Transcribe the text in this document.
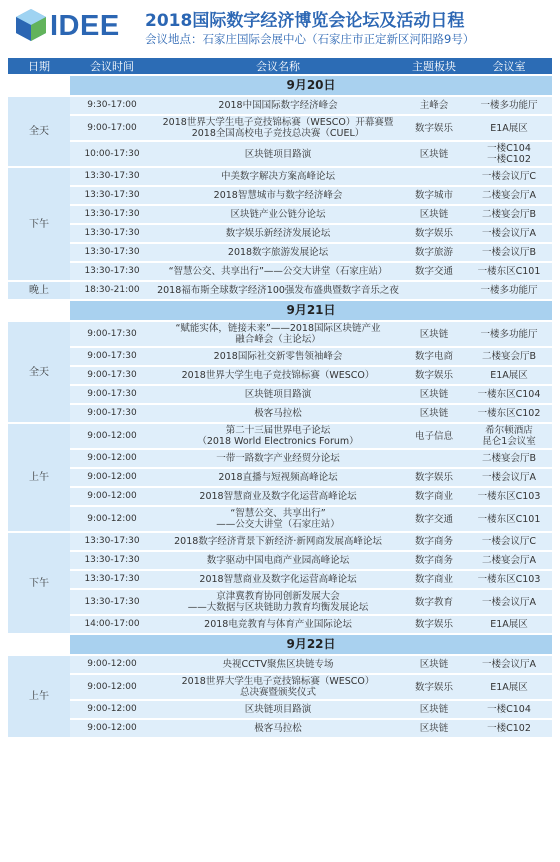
IDEE 2018国际数字经济博览会论坛及活动日程
会议地点：石家庄国际会展中心（石家庄市正定新区河阳路9号）
日期	会议时间	会议名称	主题板块	会议室
	9月20日			
全天	9:30-17:00	2018中国国际数字经济峰会	主峰会	一楼多功能厅
	9:00-17:00	2018世界大学生电子竞技锦标赛（WESCO）开幕赛暨
2018全国高校电子竞技总决赛（CUEL）	数字娱乐	E1A展区
	10:00-17:30	区块链项目路演	区块链	一楼C104
一楼C102
下午	13:30-17:30	中美数字解决方案高峰论坛		一楼会议厅C
	13:30-17:30	2018智慧城市与数字经济峰会	数字城市	二楼宴会厅A
	13:30-17:30	区块链产业公链分论坛	区块链	二楼宴会厅B
	13:30-17:30	数字娱乐新经济发展论坛	数字娱乐	一楼会议厅A
	13:30-17:30	2018数字旅游发展论坛	数字旅游	一楼会议厅B
	13:30-17:30	“智慧公交、共享出行”——公交大讲堂（石家庄站）	数字交通	一楼东区C101
晚上	18:30-21:00	2018福布斯全球数字经济100强发布盛典暨数字音乐之夜		一楼多功能厅
	9月21日			
全天	9:00-17:30	“赋能实体，链接未来”——2018国际区块链产业
融合峰会（主论坛）	区块链	一楼多功能厅
	9:00-17:30	2018国际社交新零售领袖峰会	数字电商	二楼宴会厅B
	9:00-17:30	2018世界大学生电子竞技锦标赛（WESCO）	数字娱乐	E1A展区
	9:00-17:30	区块链项目路演	区块链	一楼东区C104
	9:00-17:30	极客马拉松	区块链	一楼东区C102
上午	9:00-12:00	第二十三届世界电子论坛
（2018 World Electronics Forum）	电子信息	希尔顿酒店
昆仑1会议室
	9:00-12:00	一带一路数字产业经贸分论坛		二楼宴会厅B
	9:00-12:00	2018直播与短视频高峰论坛	数字娱乐	一楼会议厅A
	9:00-12:00	2018智慧商业及数字化运营高峰论坛	数字商业	一楼东区C103
	9:00-12:00	“智慧公交、共享出行”
——公交大讲堂（石家庄站）	数字交通	一楼东区C101
下午	13:30-17:30	2018数字经济背景下新经济·新网商发展高峰论坛	数字商务	一楼会议厅C
	13:30-17:30	数字驱动中国电商产业园高峰论坛	数字商务	二楼宴会厅A
	13:30-17:30	2018智慧商业及数字化运营高峰论坛	数字商业	一楼东区C103
	13:30-17:30	京津冀教育协同创新发展大会
——大数据与区块链助力教育均衡发展论坛	数字教育	一楼会议厅A
	14:00-17:00	2018电竞教育与体育产业国际论坛	数字娱乐	E1A展区
	9月22日			
上午	9:00-12:00	央视CCTV聚焦区块链专场	区块链	一楼会议厅A
	9:00-12:00	2018世界大学生电子竞技锦标赛（WESCO）
总决赛暨颁奖仪式	数字娱乐	E1A展区
	9:00-12:00	区块链项目路演	区块链	一楼C104
	9:00-12:00	极客马拉松	区块链	一楼C102
